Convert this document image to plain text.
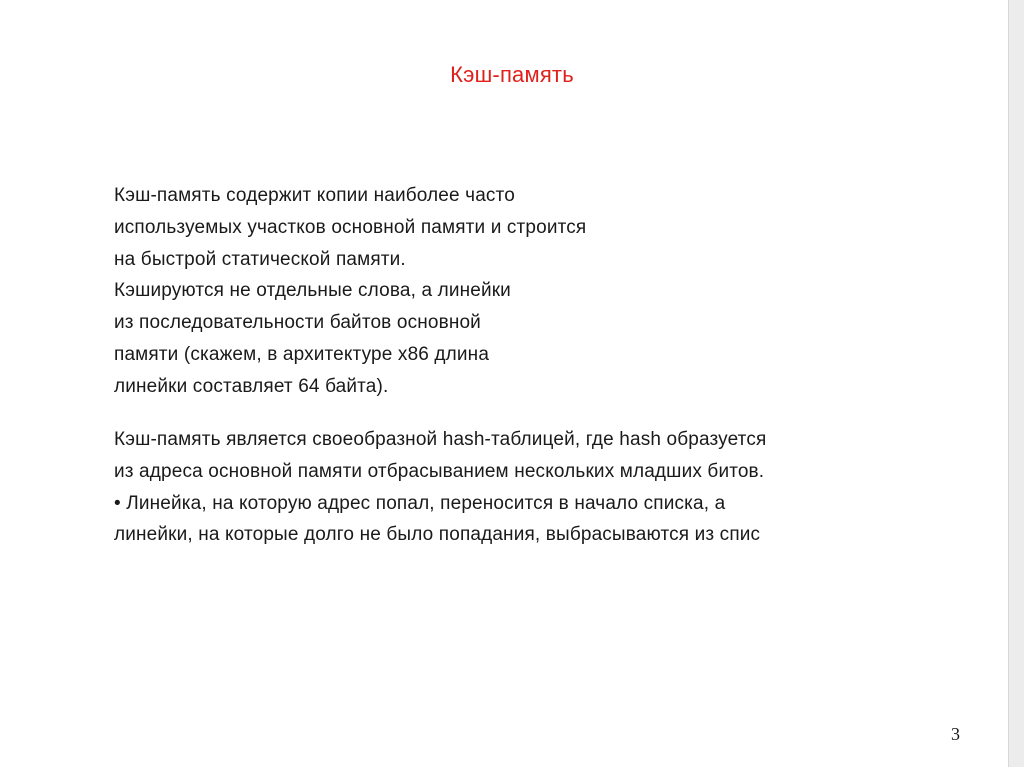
Кэш-память
Кэш-память содержит копии наиболее часто
используемых участков основной памяти и строится
на быстрой статической памяти.
Кэшируются не отдельные слова, а линейки
из последовательности байтов основной
памяти (скажем, в архитектуре x86 длина
линейки составляет 64 байта).
Кэш-память является своеобразной hash-таблицей, где hash образуется
из адреса основной памяти отбрасыванием нескольких младших битов.
• Линейка, на которую адрес попал, переносится в начало списка, а
линейки, на которые долго не было попадания, выбрасываются из спис
3
